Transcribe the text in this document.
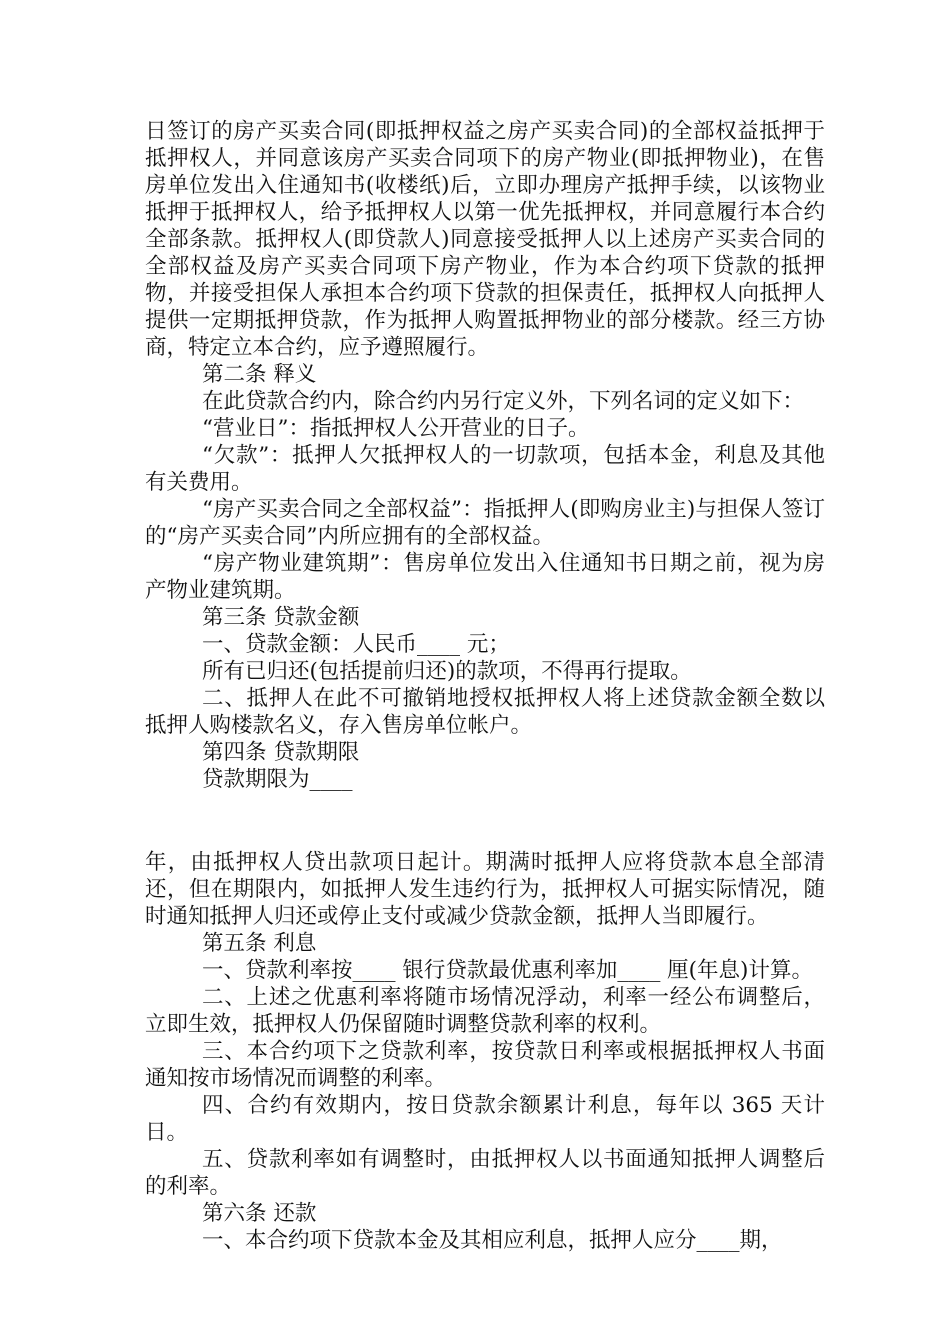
日签订的房产买卖合同(即抵押权益之房产买卖合同)的全部权益抵押于抵押权人，并同意该房产买卖合同项下的房产物业(即抵押物业)，在售房单位发出入住通知书(收楼纸)后，立即办理房产抵押手续，以该物业抵押于抵押权人，给予抵押权人以第一优先抵押权，并同意履行本合约全部条款。抵押权人(即贷款人)同意接受抵押人以上述房产买卖合同的全部权益及房产买卖合同项下房产物业，作为本合约项下贷款的抵押物，并接受担保人承担本合约项下贷款的担保责任，抵押权人向抵押人提供一定期抵押贷款，作为抵押人购置抵押物业的部分楼款。经三方协商，特定立本合约，应予遵照履行。

第二条 释义

在此贷款合约内，除合约内另行定义外，下列名词的定义如下：

“营业日”：指抵押权人公开营业的日子。

“欠款”：抵押人欠抵押权人的一切款项，包括本金，利息及其他有关费用。

“房产买卖合同之全部权益”：指抵押人(即购房业主)与担保人签订的“房产买卖合同”内所应拥有的全部权益。

“房产物业建筑期”：售房单位发出入住通知书日期之前，视为房产物业建筑期。

第三条 贷款金额

一、贷款金额：人民币____ 元；

所有已归还(包括提前归还)的款项，不得再行提取。

二、抵押人在此不可撤销地授权抵押权人将上述贷款金额全数以抵押人购楼款名义，存入售房单位帐户。

第四条 贷款期限

贷款期限为____

年，由抵押权人贷出款项日起计。期满时抵押人应将贷款本息全部清还，但在期限内，如抵押人发生违约行为，抵押权人可据实际情况，随时通知抵押人归还或停止支付或减少贷款金额，抵押人当即履行。

第五条 利息

一、贷款利率按____ 银行贷款最优惠利率加____ 厘(年息)计算。

二、上述之优惠利率将随市场情况浮动，利率一经公布调整后，立即生效，抵押权人仍保留随时调整贷款利率的权利。

三、本合约项下之贷款利率，按贷款日利率或根据抵押权人书面通知按市场情况而调整的利率。

四、合约有效期内，按日贷款余额累计利息，每年以 365 天计日。

五、贷款利率如有调整时，由抵押权人以书面通知抵押人调整后的利率。

第六条 还款

一、本合约项下贷款本金及其相应利息，抵押人应分____期，
